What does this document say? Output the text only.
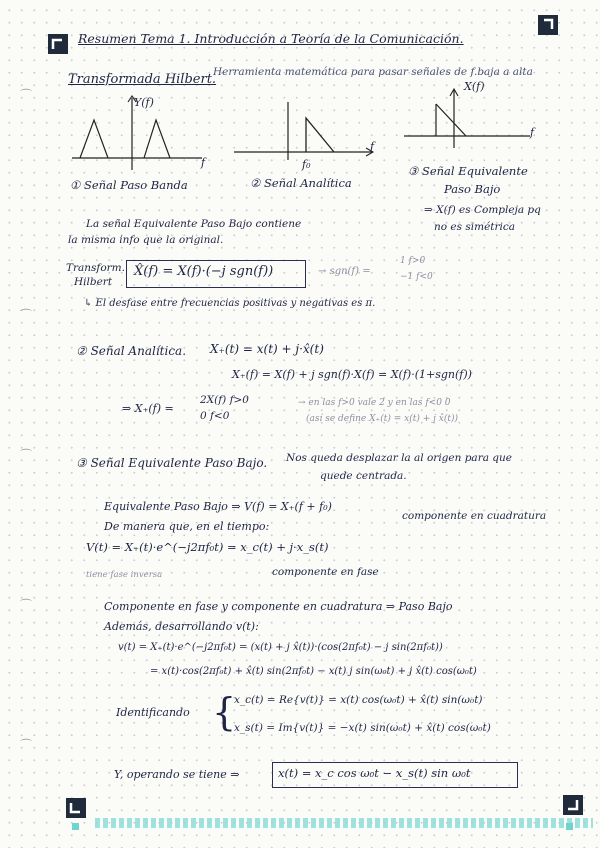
⌒
⌒
⌒
⌒
⌒
Resumen Tema 1. Introducción a Teoría de la Comunicación.
Transformada Hilbert.
Herramienta matemática para pasar señales de f.baja a alta
Y(f)
f
① Señal Paso Banda
f₀
f
② Señal Analítica
X(f)
f
③ Señal Equivalente
Paso Bajo
La señal Equivalente Paso Bajo contiene
la misma info que la original.
⇒ X(f) es Compleja pq
no es simétrica
Transform.
Hilbert
X̂(f) = X(f)·(−j sgn(f))	→ sgn(f) =
1 f>0
−1 f<0
↳ El desfase entre frecuencias positivas y negativas es π.
② Señal Analítica. X₊(t) = x(t) + j·x̂(t)
X₊(f) = X(f) + j sgn(f)·X(f) = X(f)·(1+sgn(f))
⇒ X₊(f) =
2X(f) f>0
0 f<0
→ en las f>0 vale 2 y en las f<0 0
(así se define X₊(t) = x(t) + j x̂(t))
③ Señal Equivalente Paso Bajo. Nos queda desplazar la al origen para que
quede centrada.
Equivalente Paso Bajo ⇒ V(f) = X₊(f + f₀)
De manera que, en el tiempo:
componente en cuadratura
V(t) = X₊(t)·e^(−j2πf₀t) = x_c(t) + j·x_s(t)
tiene fase inversa	componente en fase
Componente en fase y componente en cuadratura ⇒ Paso Bajo
Además, desarrollando v(t):
v(t) = X₊(t)·e^(−j2πf₀t) = (x(t) + j x̂(t))·(cos(2πf₀t) − j sin(2πf₀t))
= x(t)·cos(2πf₀t) + x̂(t) sin(2πf₀t) − x(t) j sin(ω₀t) + j x̂(t) cos(ω₀t)
Identificando {
x_c(t) = Re{v(t)} = x(t) cos(ω₀t) + x̂(t) sin(ω₀t)
x_s(t) = Im{v(t)} = −x(t) sin(ω₀t) + x̂(t) cos(ω₀t)
Y, operando se tiene ⇒	x(t) = x_c cos ω₀t − x_s(t) sin ω₀t
